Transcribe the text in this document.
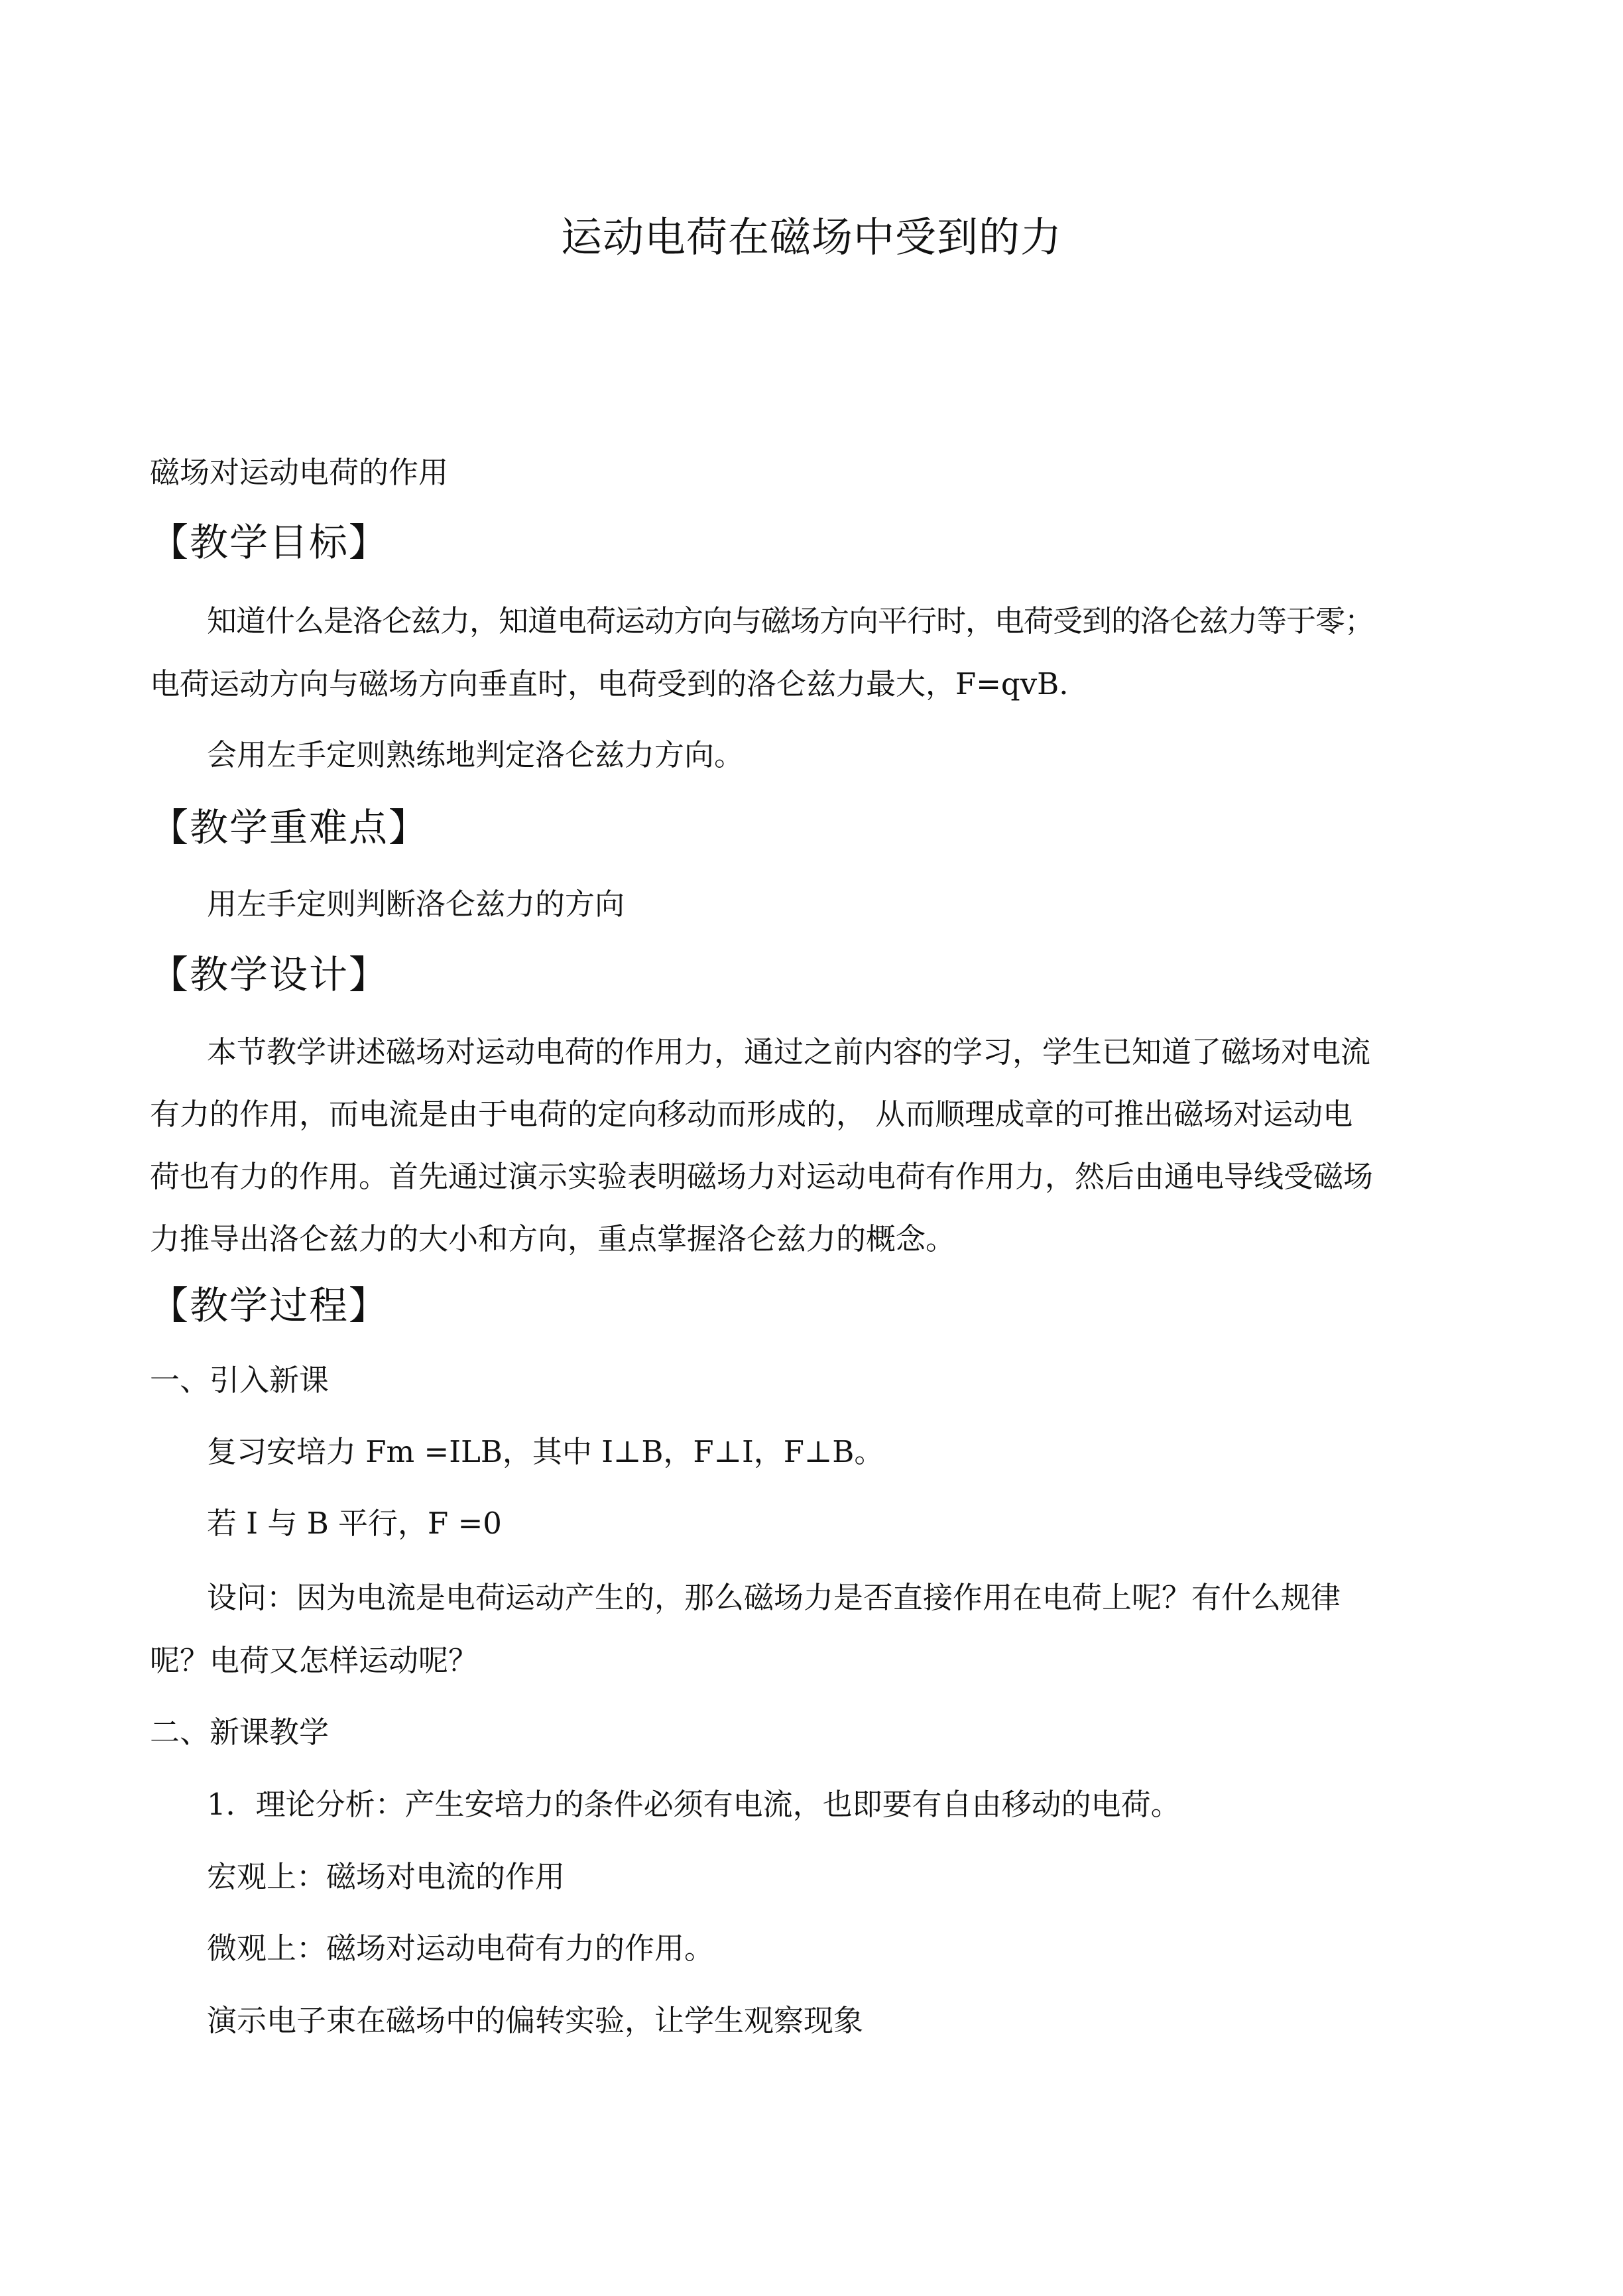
运动电荷在磁场中受到的力
磁场对运动电荷的作用
【教学目标】
知道什么是洛仑兹力，知道电荷运动方向与磁场方向平行时，电荷受到的洛仑兹力等于零；
电荷运动方向与磁场方向垂直时，电荷受到的洛仑兹力最大，F=qvB.
会用左手定则熟练地判定洛仑兹力方向。
【教学重难点】
用左手定则判断洛仑兹力的方向
【教学设计】
本节教学讲述磁场对运动电荷的作用力，通过之前内容的学习，学生已知道了磁场对电流
有力的作用，而电流是由于电荷的定向移动而形成的， 从而顺理成章的可推出磁场对运动电
荷也有力的作用。首先通过演示实验表明磁场力对运动电荷有作用力，然后由通电导线受磁场
力推导出洛仑兹力的大小和方向，重点掌握洛仑兹力的概念。
【教学过程】
一、引入新课
复习安培力 Fm =ILB，其中 I⊥B，F⊥I，F⊥B。
若 I 与 B 平行，F =0
设问：因为电流是电荷运动产生的，那么磁场力是否直接作用在电荷上呢？有什么规律
呢？电荷又怎样运动呢？
二、新课教学
1．理论分析：产生安培力的条件必须有电流，也即要有自由移动的电荷。
宏观上：磁场对电流的作用
微观上：磁场对运动电荷有力的作用。
演示电子束在磁场中的偏转实验，让学生观察现象
